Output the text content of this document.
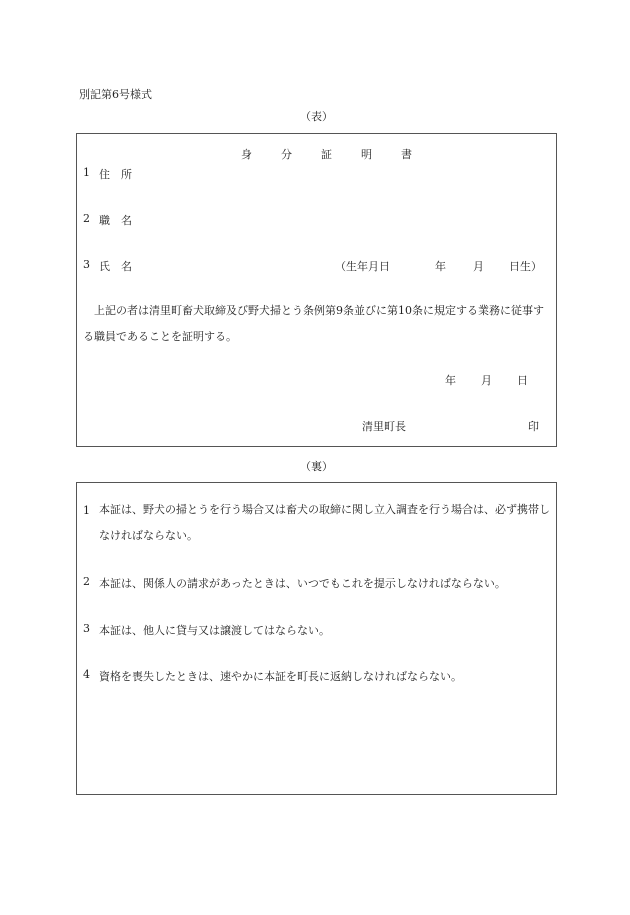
別記第6号様式
（表）
身	分	証	明	書
1 住 所
2 職 名
3 氏 名	（生年月日	年 月 日生）
上記の者は清里町畜犬取締及び野犬掃とう条例第9条並びに第10条に規定する業務に従事する職員であることを証明する。
年 月 日
清里町長	印
（裏）
1 本証は、野犬の掃とうを行う場合又は畜犬の取締に関し立入調査を行う場合は、必ず携帯しなければならない。
2 本証は、関係人の請求があったときは、いつでもこれを提示しなければならない。
3 本証は、他人に貸与又は譲渡してはならない。
4 資格を喪失したときは、速やかに本証を町長に返納しなければならない。
